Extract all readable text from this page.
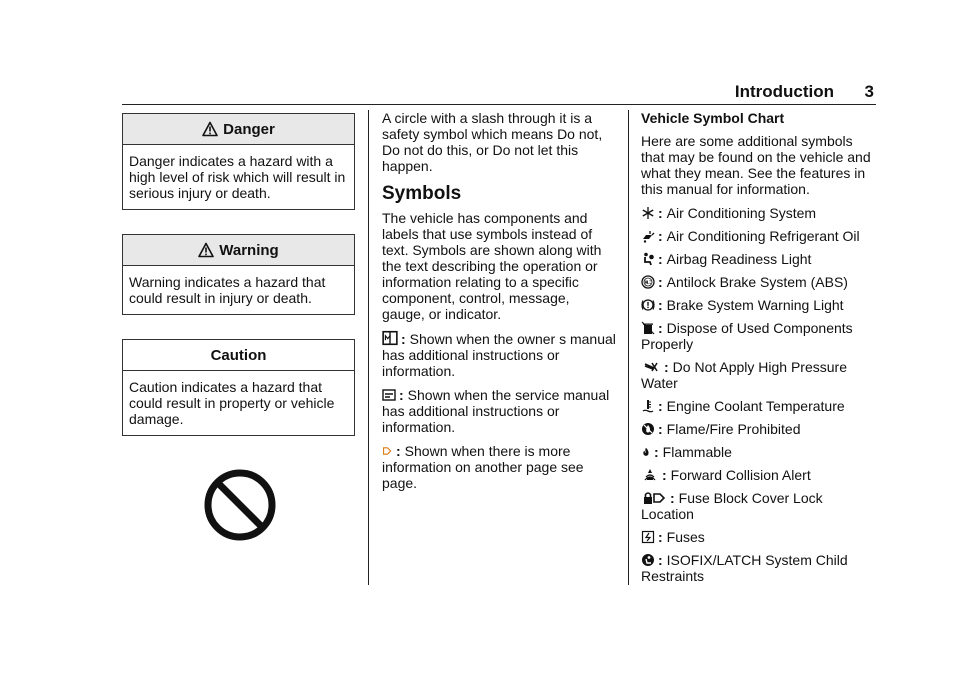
Introduction 3
Danger
Danger indicates a hazard with a high level of risk which will result in serious injury or death.
Warning
Warning indicates a hazard that could result in injury or death.
Caution
Caution indicates a hazard that could result in property or vehicle damage.

A circle with a slash through it is a safety symbol which means Do not, Do not do this, or Do not let this happen.

Symbols

The vehicle has components and labels that use symbols instead of text. Symbols are shown along with the text describing the operation or information relating to a specific component, control, message, gauge, or indicator.

: Shown when the owner s manual has additional instructions or information.

: Shown when the service manual has additional instructions or information.

: Shown when there is more information on another page see page.

Vehicle Symbol Chart

Here are some additional symbols that may be found on the vehicle and what they mean. See the features in this manual for information.

: Air Conditioning System
: Air Conditioning Refrigerant Oil
: Airbag Readiness Light
: Antilock Brake System (ABS)
: Brake System Warning Light
: Dispose of Used Components Properly
: Do Not Apply High Pressure Water
: Engine Coolant Temperature
: Flame/Fire Prohibited
: Flammable
: Forward Collision Alert
: Fuse Block Cover Lock Location
: Fuses
: ISOFIX/LATCH System Child Restraints
